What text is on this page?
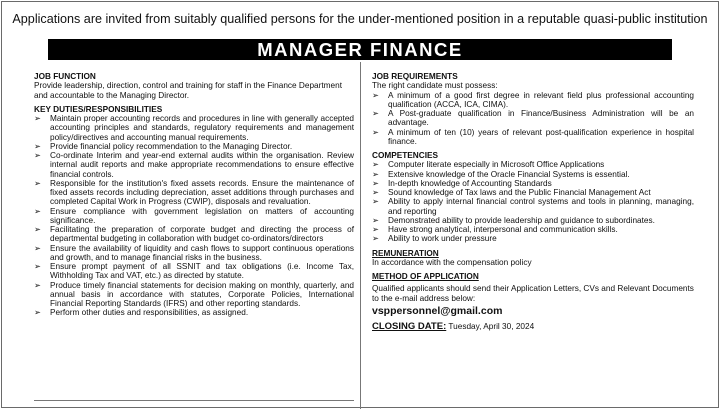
Applications are invited from suitably qualified persons for the under-mentioned position in a reputable quasi-public institution
MANAGER FINANCE

JOB FUNCTION

Provide leadership, direction, control and training for staff in the Finance Department and accountable to the Managing Director.

KEY DUTIES/RESPONSIBILITIES

➢ Maintain proper accounting records and procedures in line with generally accepted accounting principles and standards, regulatory requirements and management policy/directives and accounting manual requirements.
➢ Provide financial policy recommendation to the Managing Director.
➢ Co-ordinate Interim and year-end external audits within the organisation. Review internal audit reports and make appropriate recommendations to ensure effective financial controls.
➢ Responsible for the institution's fixed assets records. Ensure the maintenance of fixed assets records including depreciation, asset additions through purchases and completed Capital Work in Progress (CWIP), disposals and revaluation.
➢ Ensure compliance with government legislation on matters of accounting significance.
➢ Facilitating the preparation of corporate budget and directing the process of departmental budgeting in collaboration with budget co-ordinators/directors
➢ Ensure the availability of liquidity and cash flows to support continuous operations and growth, and to manage financial risks in the business.
➢ Ensure prompt payment of all SSNIT and tax obligations (i.e. Income Tax, Withholding Tax and VAT, etc.) as directed by statute.
➢ Produce timely financial statements for decision making on monthly, quarterly, and annual basis in accordance with statutes, Corporate Policies, International Financial Reporting Standards (IFRS) and other reporting standards.
➢ Perform other duties and responsibilities, as assigned.

JOB REQUIREMENTS

The right candidate must possess:

➢ A minimum of a good first degree in relevant field plus professional accounting qualification (ACCA, ICA, CIMA).
➢ A Post-graduate qualification in Finance/Business Administration will be an advantage.
➢ A minimum of ten (10) years of relevant post-qualification experience in hospital finance.

COMPETENCIES

➢ Computer literate especially in Microsoft Office Applications
➢ Extensive knowledge of the Oracle Financial Systems is essential.
➢ In-depth knowledge of Accounting Standards
➢ Sound knowledge of Tax laws and the Public Financial Management Act
➢ Ability to apply internal financial control systems and tools in planning, managing, and reporting
➢ Demonstrated ability to provide leadership and guidance to subordinates.
➢ Have strong analytical, interpersonal and communication skills.
➢ Ability to work under pressure

REMUNERATION

In accordance with the compensation policy

METHOD OF APPLICATION

Qualified applicants should send their Application Letters, CVs and Relevant Documents to the e-mail address below:

vsppersonnel@gmail.com

CLOSING DATE: Tuesday, April 30, 2024
